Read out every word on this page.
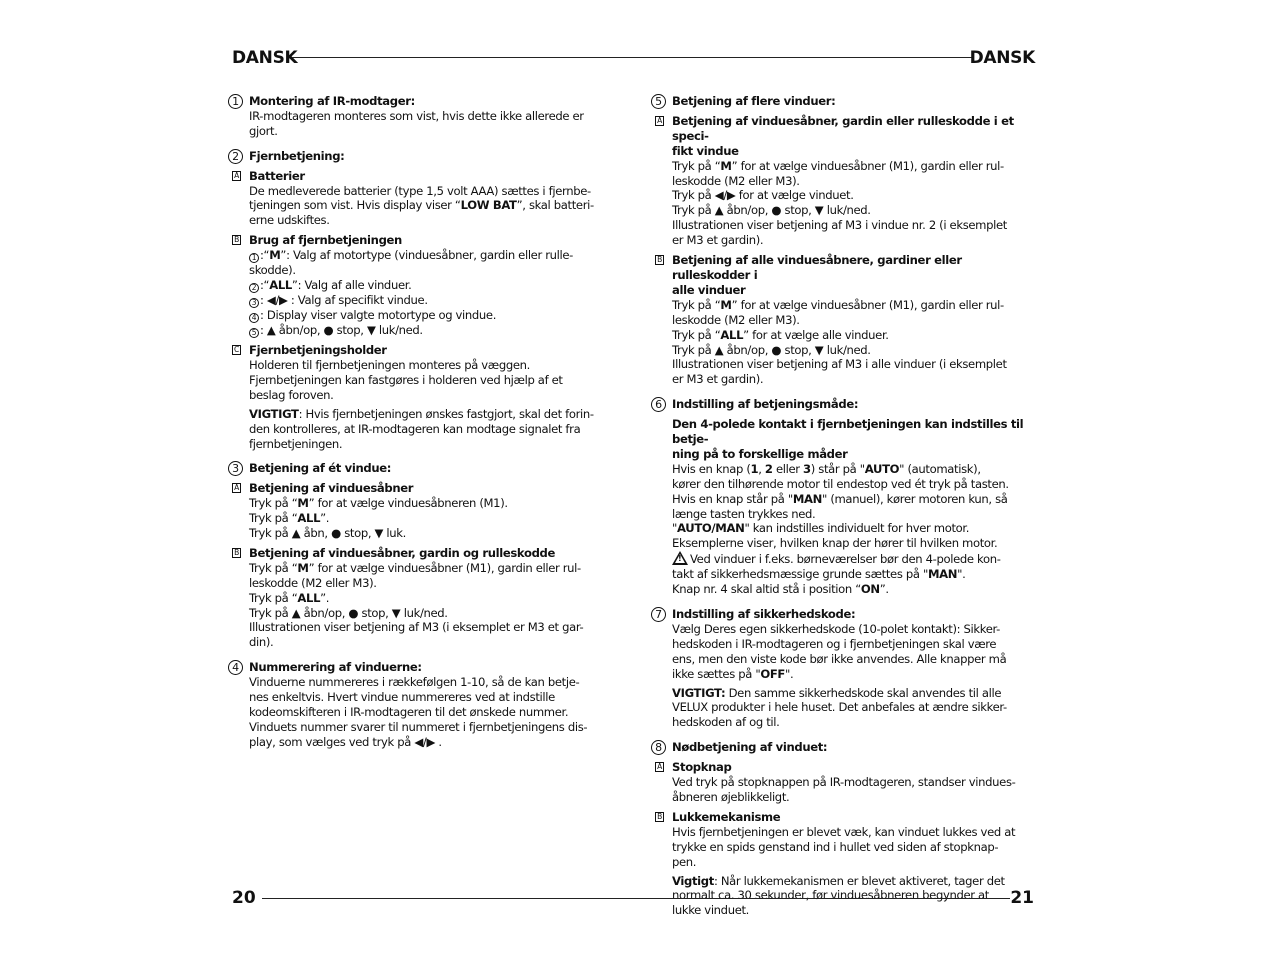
DANSK	DANSK
1 Montering af IR-modtager:
IR-modtageren monteres som vist, hvis dette ikke allerede er
gjort.
2 Fjernbetjening:
A Batterier
De medleverede batterier (type 1,5 volt AAA) sættes i fjernbe-
tjeningen som vist. Hvis display viser “LOW BAT”, skal batteri-
erne udskiftes.
B Brug af fjernbetjeningen
1 :“M”: Valg af motortype (vinduesåbner, gardin eller rulle-
skodde).
2 :“ALL”: Valg af alle vinduer.
3 : ◀/▶ : Valg af specifikt vindue.
4 : Display viser valgte motortype og vindue.
5 : ▲ åbn/op, ● stop, ▼ luk/ned.
C Fjernbetjeningsholder
Holderen til fjernbetjeningen monteres på væggen.
Fjernbetjeningen kan fastgøres i holderen ved hjælp af et
beslag foroven.
VIGTIGT: Hvis fjernbetjeningen ønskes fastgjort, skal det forin-
den kontrolleres, at IR-modtageren kan modtage signalet fra
fjernbetjeningen.
3 Betjening af ét vindue:
A Betjening af vinduesåbner
Tryk på “M” for at vælge vinduesåbneren (M1).
Tryk på “ALL”.
Tryk på ▲ åbn, ● stop, ▼ luk.
B Betjening af vinduesåbner, gardin og rulleskodde
Tryk på “M” for at vælge vinduesåbner (M1), gardin eller rul-
leskodde (M2 eller M3).
Tryk på “ALL”.
Tryk på ▲ åbn/op, ● stop, ▼ luk/ned.
Illustrationen viser betjening af M3 (i eksemplet er M3 et gar-
din).
4 Nummerering af vinduerne:
Vinduerne nummereres i rækkefølgen 1-10, så de kan betje-
nes enkeltvis. Hvert vindue nummereres ved at indstille
kodeomskifteren i IR-modtageren til det ønskede nummer.
Vinduets nummer svarer til nummeret i fjernbetjeningens dis-
play, som vælges ved tryk på ◀/▶ .
5 Betjening af flere vinduer:
A Betjening af vinduesåbner, gardin eller rulleskodde i et speci-
fikt vindue
Tryk på “M” for at vælge vinduesåbner (M1), gardin eller rul-
leskodde (M2 eller M3).
Tryk på ◀/▶ for at vælge vinduet.
Tryk på ▲ åbn/op, ● stop, ▼ luk/ned.
Illustrationen viser betjening af M3 i vindue nr. 2 (i eksemplet
er M3 et gardin).
B Betjening af alle vinduesåbnere, gardiner eller rulleskodder i
alle vinduer
Tryk på “M” for at vælge vinduesåbner (M1), gardin eller rul-
leskodde (M2 eller M3).
Tryk på “ALL” for at vælge alle vinduer.
Tryk på ▲ åbn/op, ● stop, ▼ luk/ned.
Illustrationen viser betjening af M3 i alle vinduer (i eksemplet
er M3 et gardin).
6 Indstilling af betjeningsmåde:
Den 4-polede kontakt i fjernbetjeningen kan indstilles til betje-
ning på to forskellige måder
Hvis en knap (1, 2 eller 3) står på "AUTO" (automatisk),
kører den tilhørende motor til endestop ved ét tryk på tasten.
Hvis en knap står på "MAN" (manuel), kører motoren kun, så
længe tasten trykkes ned.
"AUTO/MAN" kan indstilles individuelt for hver motor.
Eksemplerne viser, hvilken knap der hører til hvilken motor.
!Ved vinduer i f.eks. børneværelser bør den 4-polede kon-
takt af sikkerhedsmæssige grunde sættes på "MAN".
Knap nr. 4 skal altid stå i position “ON”.
7 Indstilling af sikkerhedskode:
Vælg Deres egen sikkerhedskode (10-polet kontakt): Sikker-
hedskoden i IR-modtageren og i fjernbetjeningen skal være
ens, men den viste kode bør ikke anvendes. Alle knapper må
ikke sættes på "OFF".
VIGTIGT: Den samme sikkerhedskode skal anvendes til alle
VELUX produkter i hele huset. Det anbefales at ændre sikker-
hedskoden af og til.
8 Nødbetjening af vinduet:
A Stopknap
Ved tryk på stopknappen på IR-modtageren, standser vindues-
åbneren øjeblikkeligt.
B Lukkemekanisme
Hvis fjernbetjeningen er blevet væk, kan vinduet lukkes ved at
trykke en spids genstand ind i hullet ved siden af stopknap-
pen.
Vigtigt: Når lukkemekanismen er blevet aktiveret, tager det
normalt ca. 30 sekunder, før vinduesåbneren begynder at
lukke vinduet.
20	21
